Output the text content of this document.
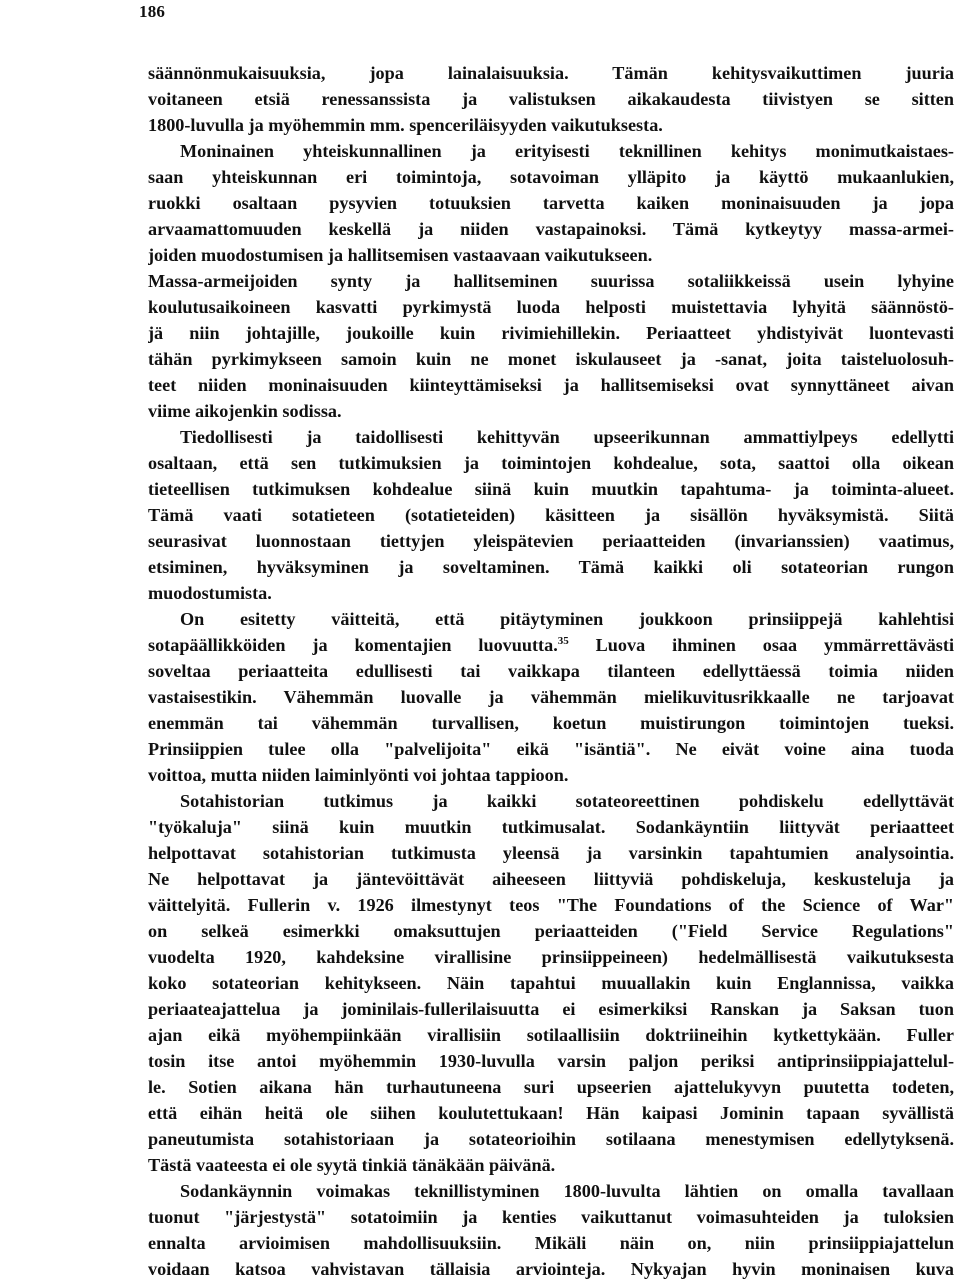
186
säännönmukaisuuksia, jopa lainalaisuuksia. Tämän kehitysvaikuttimen juuria
voitaneen etsiä renessanssista ja valistuksen aikakaudesta tiivistyen se sitten
1800-luvulla ja myöhemmin mm. spenceriläisyyden vaikutuksesta.
Moninainen yhteiskunnallinen ja erityisesti teknillinen kehitys monimutkaistaes-
saan yhteiskunnan eri toimintoja, sotavoiman ylläpito ja käyttö mukaanlukien,
ruokki osaltaan pysyvien totuuksien tarvetta kaiken moninaisuuden ja jopa
arvaamattomuuden keskellä ja niiden vastapainoksi. Tämä kytkeytyy massa-armei-
joiden muodostumisen ja hallitsemisen vastaavaan vaikutukseen.
Massa-armeijoiden synty ja hallitseminen suurissa sotaliikkeissä usein lyhyine
koulutusaikoineen kasvatti pyrkimystä luoda helposti muistettavia lyhyitä säännöstö-
jä niin johtajille, joukoille kuin rivimiehillekin. Periaatteet yhdistyivät luontevasti
tähän pyrkimykseen samoin kuin ne monet iskulauseet ja -sanat, joita taisteluolosuh-
teet niiden moninaisuuden kiinteyttämiseksi ja hallitsemiseksi ovat synnyttäneet aivan
viime aikojenkin sodissa.
Tiedollisesti ja taidollisesti kehittyvän upseerikunnan ammattiylpeys edellytti
osaltaan, että sen tutkimuksien ja toimintojen kohdealue, sota, saattoi olla oikean
tieteellisen tutkimuksen kohdealue siinä kuin muutkin tapahtuma- ja toiminta-alueet.
Tämä vaati sotatieteen (sotatieteiden) käsitteen ja sisällön hyväksymistä. Siitä
seurasivat luonnostaan tiettyjen yleispätevien periaatteiden (invarianssien) vaatimus,
etsiminen, hyväksyminen ja soveltaminen. Tämä kaikki oli sotateorian rungon
muodostumista.
On esitetty väitteitä, että pitäytyminen joukkoon prinsiippejä kahlehtisi
sotapäällikköiden ja komentajien luovuutta.$^{35}$ Luova ihminen osaa ymmärrettävästi
soveltaa periaatteita edullisesti tai vaikkapa tilanteen edellyttäessä toimia niiden
vastaisestikin. Vähemmän luovalle ja vähemmän mielikuvitusrikkaalle ne tarjoavat
enemmän tai vähemmän turvallisen, koetun muistirungon toimintojen tueksi.
Prinsiippien tulee olla "palvelijoita" eikä "isäntiä". Ne eivät voine aina tuoda
voittoa, mutta niiden laiminlyönti voi johtaa tappioon.
Sotahistorian tutkimus ja kaikki sotateoreettinen pohdiskelu edellyttävät
"työkaluja" siinä kuin muutkin tutkimusalat. Sodankäyntiin liittyvät periaatteet
helpottavat sotahistorian tutkimusta yleensä ja varsinkin tapahtumien analysointia.
Ne helpottavat ja jäntevöittävät aiheeseen liittyviä pohdiskeluja, keskusteluja ja
väittelyitä. Fullerin v. 1926 ilmestynyt teos "The Foundations of the Science of War"
on selkeä esimerkki omaksuttujen periaatteiden ("Field Service Regulations"
vuodelta 1920, kahdeksine virallisine prinsiippeineen) hedelmällisestä vaikutuksesta
koko sotateorian kehitykseen. Näin tapahtui muuallakin kuin Englannissa, vaikka
periaateajattelua ja jominilais-fullerilaisuutta ei esimerkiksi Ranskan ja Saksan tuon
ajan eikä myöhempiinkään virallisiin sotilaallisiin doktriineihin kytkettykään. Fuller
tosin itse antoi myöhemmin 1930-luvulla varsin paljon periksi antiprinsiippiajattelul-
le. Sotien aikana hän turhautuneena suri upseerien ajattelukyvyn puutetta todeten,
että eihän heitä ole siihen koulutettukaan! Hän kaipasi Jominin tapaan syvällistä
paneutumista sotahistoriaan ja sotateorioihin sotilaana menestymisen edellytyksenä.
Tästä vaateesta ei ole syytä tinkiä tänäkään päivänä.
Sodankäynnin voimakas teknillistyminen 1800-luvulta lähtien on omalla tavallaan
tuonut "järjestystä" sotatoimiin ja kenties vaikuttanut voimasuhteiden ja tuloksien
ennalta arvioimisen mahdollisuuksiin. Mikäli näin on, niin prinsiippiajattelun
voidaan katsoa vahvistavan tällaisia arviointeja. Nykyajan hyvin moninaisen kuva
